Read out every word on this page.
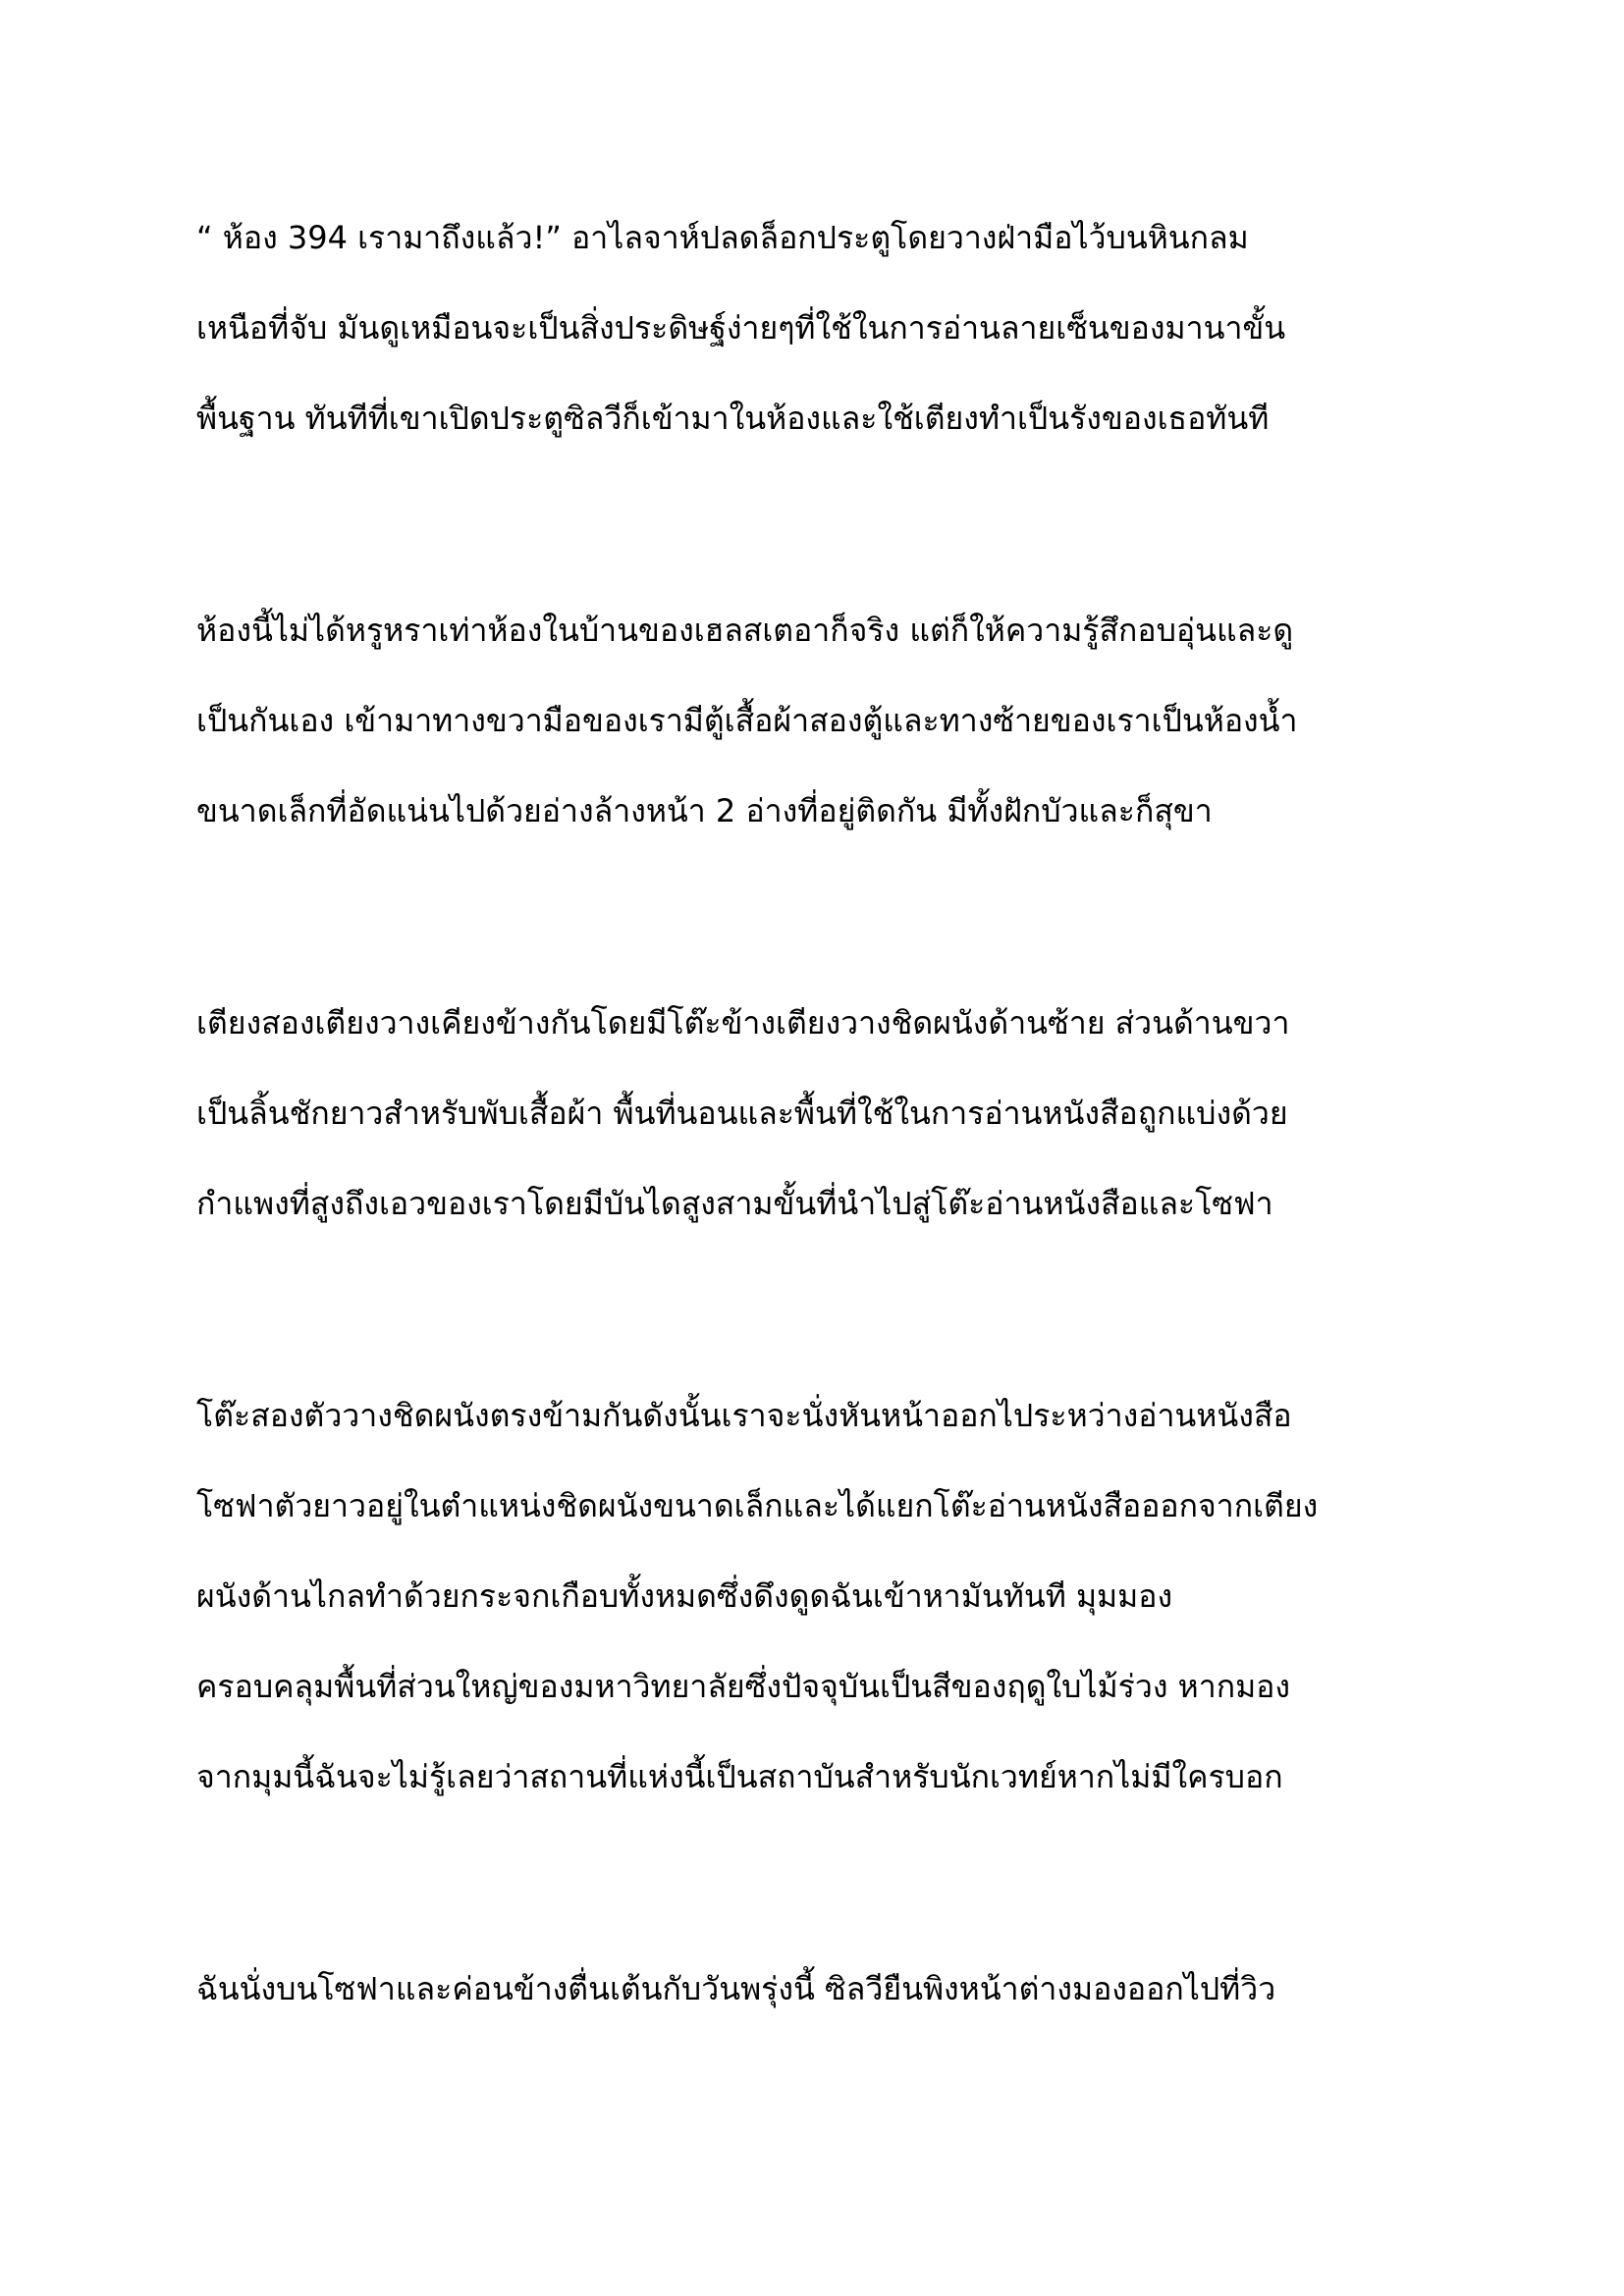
“ ห้อง 394 เรามาถึงแล้ว!” อาไลจาห์ปลดล็อกประตูโดยวางฝ่ามือไว้บนหินกลม

เหนือที่จับ มันดูเหมือนจะเป็นสิ่งประดิษฐ์ง่ายๆที่ใช้ในการอ่านลายเซ็นของมานาขั้น

พื้นฐาน ทันทีที่เขาเปิดประตูซิลวีก็เข้ามาในห้องและใช้เตียงทำเป็นรังของเธอทันที

ห้องนี้ไม่ได้หรูหราเท่าห้องในบ้านของเฮลสเตอาก็จริง แต่ก็ให้ความรู้สึกอบอุ่นและดู

เป็นกันเอง เข้ามาทางขวามือของเรามีตู้เสื้อผ้าสองตู้และทางซ้ายของเราเป็นห้องน้ำ

ขนาดเล็กที่อัดแน่นไปด้วยอ่างล้างหน้า 2 อ่างที่อยู่ติดกัน มีทั้งฝักบัวและก็สุขา

เตียงสองเตียงวางเคียงข้างกันโดยมีโต๊ะข้างเตียงวางชิดผนังด้านซ้าย ส่วนด้านขวา

เป็นลิ้นชักยาวสำหรับพับเสื้อผ้า พื้นที่นอนและพื้นที่ใช้ในการอ่านหนังสือถูกแบ่งด้วย

กำแพงที่สูงถึงเอวของเราโดยมีบันไดสูงสามขั้นที่นำไปสู่โต๊ะอ่านหนังสือและโซฟา

โต๊ะสองตัววางชิดผนังตรงข้ามกันดังนั้นเราจะนั่งหันหน้าออกไประหว่างอ่านหนังสือ

โซฟาตัวยาวอยู่ในตำแหน่งชิดผนังขนาดเล็กและได้แยกโต๊ะอ่านหนังสือออกจากเตียง

ผนังด้านไกลทำด้วยกระจกเกือบทั้งหมดซึ่งดึงดูดฉันเข้าหามันทันที มุมมอง

ครอบคลุมพื้นที่ส่วนใหญ่ของมหาวิทยาลัยซึ่งปัจจุบันเป็นสีของฤดูใบไม้ร่วง หากมอง

จากมุมนี้ฉันจะไม่รู้เลยว่าสถานที่แห่งนี้เป็นสถาบันสำหรับนักเวทย์หากไม่มีใครบอก

ฉันนั่งบนโซฟาและค่อนข้างตื่นเต้นกับวันพรุ่งนี้ ซิลวียืนพิงหน้าต่างมองออกไปที่วิว
